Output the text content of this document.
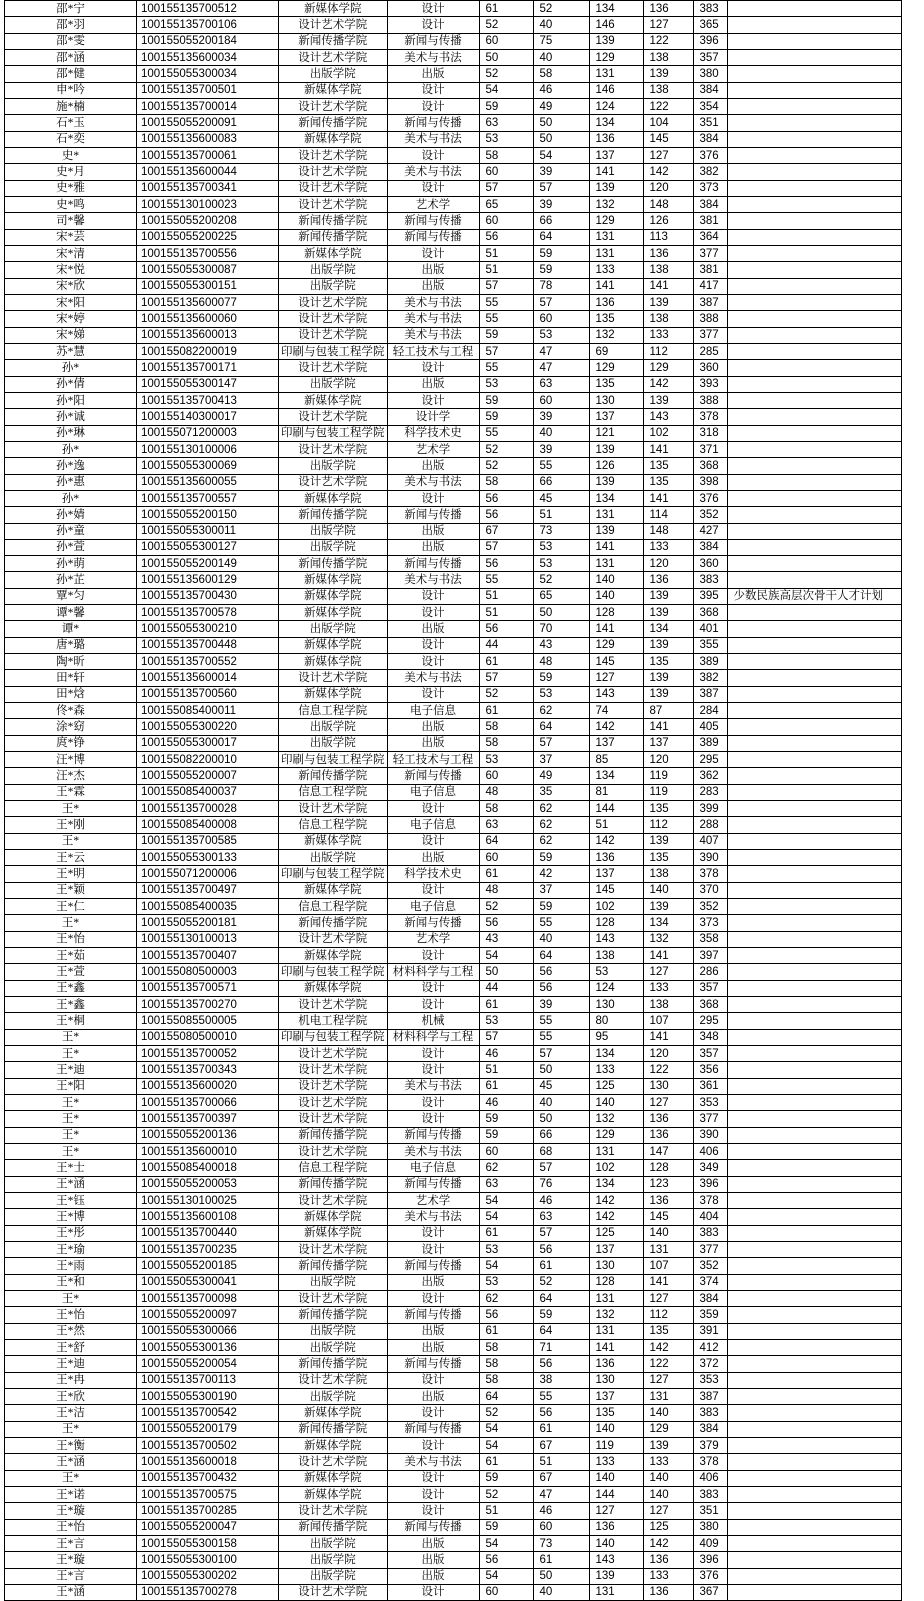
邵*宁	100155135700512	新媒体学院	设计	61	52	134	136	383	
邵*羽	100155135700106	设计艺术学院	设计	52	40	146	127	365	
邵*雯	100155055200184	新闻传播学院	新闻与传播	60	75	139	122	396	
邵*涵	100155135600034	设计艺术学院	美术与书法	50	40	129	138	357	
邵*健	100155055300034	出版学院	出版	52	58	131	139	380	
申*吟	100155135700501	新媒体学院	设计	54	46	146	138	384	
施*楠	100155135700014	设计艺术学院	设计	59	49	124	122	354	
石*玉	100155055200091	新闻传播学院	新闻与传播	63	50	134	104	351	
石*奕	100155135600083	新媒体学院	美术与书法	53	50	136	145	384	
史*	100155135700061	设计艺术学院	设计	58	54	137	127	376	
史*月	100155135600044	设计艺术学院	美术与书法	60	39	141	142	382	
史*雅	100155135700341	设计艺术学院	设计	57	57	139	120	373	
史*鸣	100155130100023	设计艺术学院	艺术学	65	39	132	148	384	
司*馨	100155055200208	新闻传播学院	新闻与传播	60	66	129	126	381	
宋*芸	100155055200225	新闻传播学院	新闻与传播	56	64	131	113	364	
宋*清	100155135700556	新媒体学院	设计	51	59	131	136	377	
宋*悦	100155055300087	出版学院	出版	51	59	133	138	381	
宋*欣	100155055300151	出版学院	出版	57	78	141	141	417	
宋*阳	100155135600077	设计艺术学院	美术与书法	55	57	136	139	387	
宋*婷	100155135600060	设计艺术学院	美术与书法	55	60	135	138	388	
宋*娣	100155135600013	设计艺术学院	美术与书法	59	53	132	133	377	
苏*慧	100155082200019	印刷与包装工程学院	轻工技术与工程	57	47	69	112	285	
孙*	100155135700171	设计艺术学院	设计	55	47	129	129	360	
孙*倩	100155055300147	出版学院	出版	53	63	135	142	393	
孙*阳	100155135700413	新媒体学院	设计	59	60	130	139	388	
孙*诚	100155140300017	设计艺术学院	设计学	59	39	137	143	378	
孙*琳	100155071200003	印刷与包装工程学院	科学技术史	55	40	121	102	318	
孙*	100155130100006	设计艺术学院	艺术学	52	39	139	141	371	
孙*逸	100155055300069	出版学院	出版	52	55	126	135	368	
孙*惠	100155135600055	设计艺术学院	美术与书法	58	66	139	135	398	
孙*	100155135700557	新媒体学院	设计	56	45	134	141	376	
孙*婧	100155055200150	新闻传播学院	新闻与传播	56	51	131	114	352	
孙*童	100155055300011	出版学院	出版	67	73	139	148	427	
孙*萱	100155055300127	出版学院	出版	57	53	141	133	384	
孙*萌	100155055200149	新闻传播学院	新闻与传播	56	53	131	120	360	
孙*芷	100155135600129	新媒体学院	美术与书法	55	52	140	136	383	
覃*匀	100155135700430	新媒体学院	设计	51	65	140	139	395	少数民族高层次骨干人才计划
谭*馨	100155135700578	新媒体学院	设计	51	50	128	139	368	
谭*	100155055300210	出版学院	出版	56	70	141	134	401	
唐*璐	100155135700448	新媒体学院	设计	44	43	129	139	355	
陶*昕	100155135700552	新媒体学院	设计	61	48	145	135	389	
田*轩	100155135600014	设计艺术学院	美术与书法	57	59	127	139	382	
田*焓	100155135700560	新媒体学院	设计	52	53	143	139	387	
佟*森	100155085400011	信息工程学院	电子信息	61	62	74	87	284	
涂*窈	100155055300220	出版学院	出版	58	64	142	141	405	
庹*铮	100155055300017	出版学院	出版	58	57	137	137	389	
汪*博	100155082200010	印刷与包装工程学院	轻工技术与工程	53	37	85	120	295	
汪*杰	100155055200007	新闻传播学院	新闻与传播	60	49	134	119	362	
王*霖	100155085400037	信息工程学院	电子信息	48	35	81	119	283	
王*	100155135700028	设计艺术学院	设计	58	62	144	135	399	
王*刚	100155085400008	信息工程学院	电子信息	63	62	51	112	288	
王*	100155135700585	新媒体学院	设计	64	62	142	139	407	
王*云	100155055300133	出版学院	出版	60	59	136	135	390	
王*明	100155071200006	印刷与包装工程学院	科学技术史	61	42	137	138	378	
王*颖	100155135700497	新媒体学院	设计	48	37	145	140	370	
王*仁	100155085400035	信息工程学院	电子信息	52	59	102	139	352	
王*	100155055200181	新闻传播学院	新闻与传播	56	55	128	134	373	
王*怡	100155130100013	设计艺术学院	艺术学	43	40	143	132	358	
王*茹	100155135700407	新媒体学院	设计	54	64	138	141	397	
王*萱	100155080500003	印刷与包装工程学院	材料科学与工程	50	56	53	127	286	
王*鑫	100155135700571	新媒体学院	设计	44	56	124	133	357	
王*鑫	100155135700270	设计艺术学院	设计	61	39	130	138	368	
王*桐	100155085500005	机电工程学院	机械	53	55	80	107	295	
王*	100155080500010	印刷与包装工程学院	材料科学与工程	57	55	95	141	348	
王*	100155135700052	设计艺术学院	设计	46	57	134	120	357	
王*迪	100155135700343	设计艺术学院	设计	51	50	133	122	356	
王*阳	100155135600020	设计艺术学院	美术与书法	61	45	125	130	361	
王*	100155135700066	设计艺术学院	设计	46	40	140	127	353	
王*	100155135700397	设计艺术学院	设计	59	50	132	136	377	
王*	100155055200136	新闻传播学院	新闻与传播	59	66	129	136	390	
王*	100155135600010	设计艺术学院	美术与书法	60	68	131	147	406	
王*士	100155085400018	信息工程学院	电子信息	62	57	102	128	349	
王*涵	100155055200053	新闻传播学院	新闻与传播	63	76	134	123	396	
王*钰	100155130100025	设计艺术学院	艺术学	54	46	142	136	378	
王*博	100155135600108	新媒体学院	美术与书法	54	63	142	145	404	
王*彤	100155135700440	新媒体学院	设计	61	57	125	140	383	
王*瑜	100155135700235	设计艺术学院	设计	53	56	137	131	377	
王*雨	100155055200185	新闻传播学院	新闻与传播	54	61	130	107	352	
王*和	100155055300041	出版学院	出版	53	52	128	141	374	
王*	100155135700098	设计艺术学院	设计	62	64	131	127	384	
王*怡	100155055200097	新闻传播学院	新闻与传播	56	59	132	112	359	
王*然	100155055300066	出版学院	出版	61	64	131	135	391	
王*舒	100155055300136	出版学院	出版	58	71	141	142	412	
王*迪	100155055200054	新闻传播学院	新闻与传播	58	56	136	122	372	
王*冉	100155135700113	设计艺术学院	设计	58	38	130	127	353	
王*欣	100155055300190	出版学院	出版	64	55	137	131	387	
王*洁	100155135700542	新媒体学院	设计	52	56	135	140	383	
王*	100155055200179	新闻传播学院	新闻与传播	54	61	140	129	384	
王*衡	100155135700502	新媒体学院	设计	54	67	119	139	379	
王*涵	100155135600018	设计艺术学院	美术与书法	61	51	133	133	378	
王*	100155135700432	新媒体学院	设计	59	67	140	140	406	
王*诺	100155135700575	新媒体学院	设计	52	47	144	140	383	
王*璇	100155135700285	设计艺术学院	设计	51	46	127	127	351	
王*怡	100155055200047	新闻传播学院	新闻与传播	59	60	136	125	380	
王*言	100155055300158	出版学院	出版	54	73	140	142	409	
王*璇	100155055300100	出版学院	出版	56	61	143	136	396	
王*言	100155055300202	出版学院	出版	54	50	139	133	376	
王*涵	100155135700278	设计艺术学院	设计	60	40	131	136	367	
